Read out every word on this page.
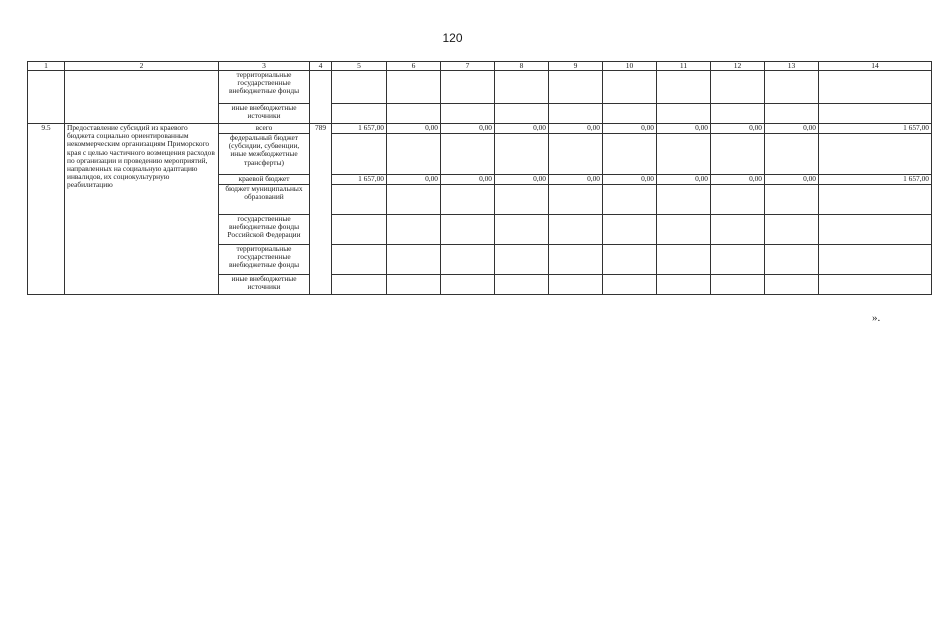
120
1	2	3	4	5	6	7	8	9	10	11	12	13	14
		территориальные государственные внебюджетные фонды											
		иные внебюджетные источники											
9.5	Предоставление субсидий из краевого бюджета социально ориентированным некоммерческим организациям Приморского края с целью частичного возмещения расходов по организации и проведению мероприятий, направленных на социальную адаптацию инвалидов, их социокультурную реабилитацию	всего	789	1 657,00	0,00	0,00	0,00	0,00	0,00	0,00	0,00	0,00	1 657,00
		федеральный бюджет (субсидии, субвенции, иные межбюджетные трансферты)											
		краевой бюджет		1 657,00	0,00	0,00	0,00	0,00	0,00	0,00	0,00	0,00	1 657,00
		бюджет муниципальных образований											
		государственные внебюджетные фонды Российской Федерации											
		территориальные государственные внебюджетные фонды											
		иные внебюджетные источники											
».
